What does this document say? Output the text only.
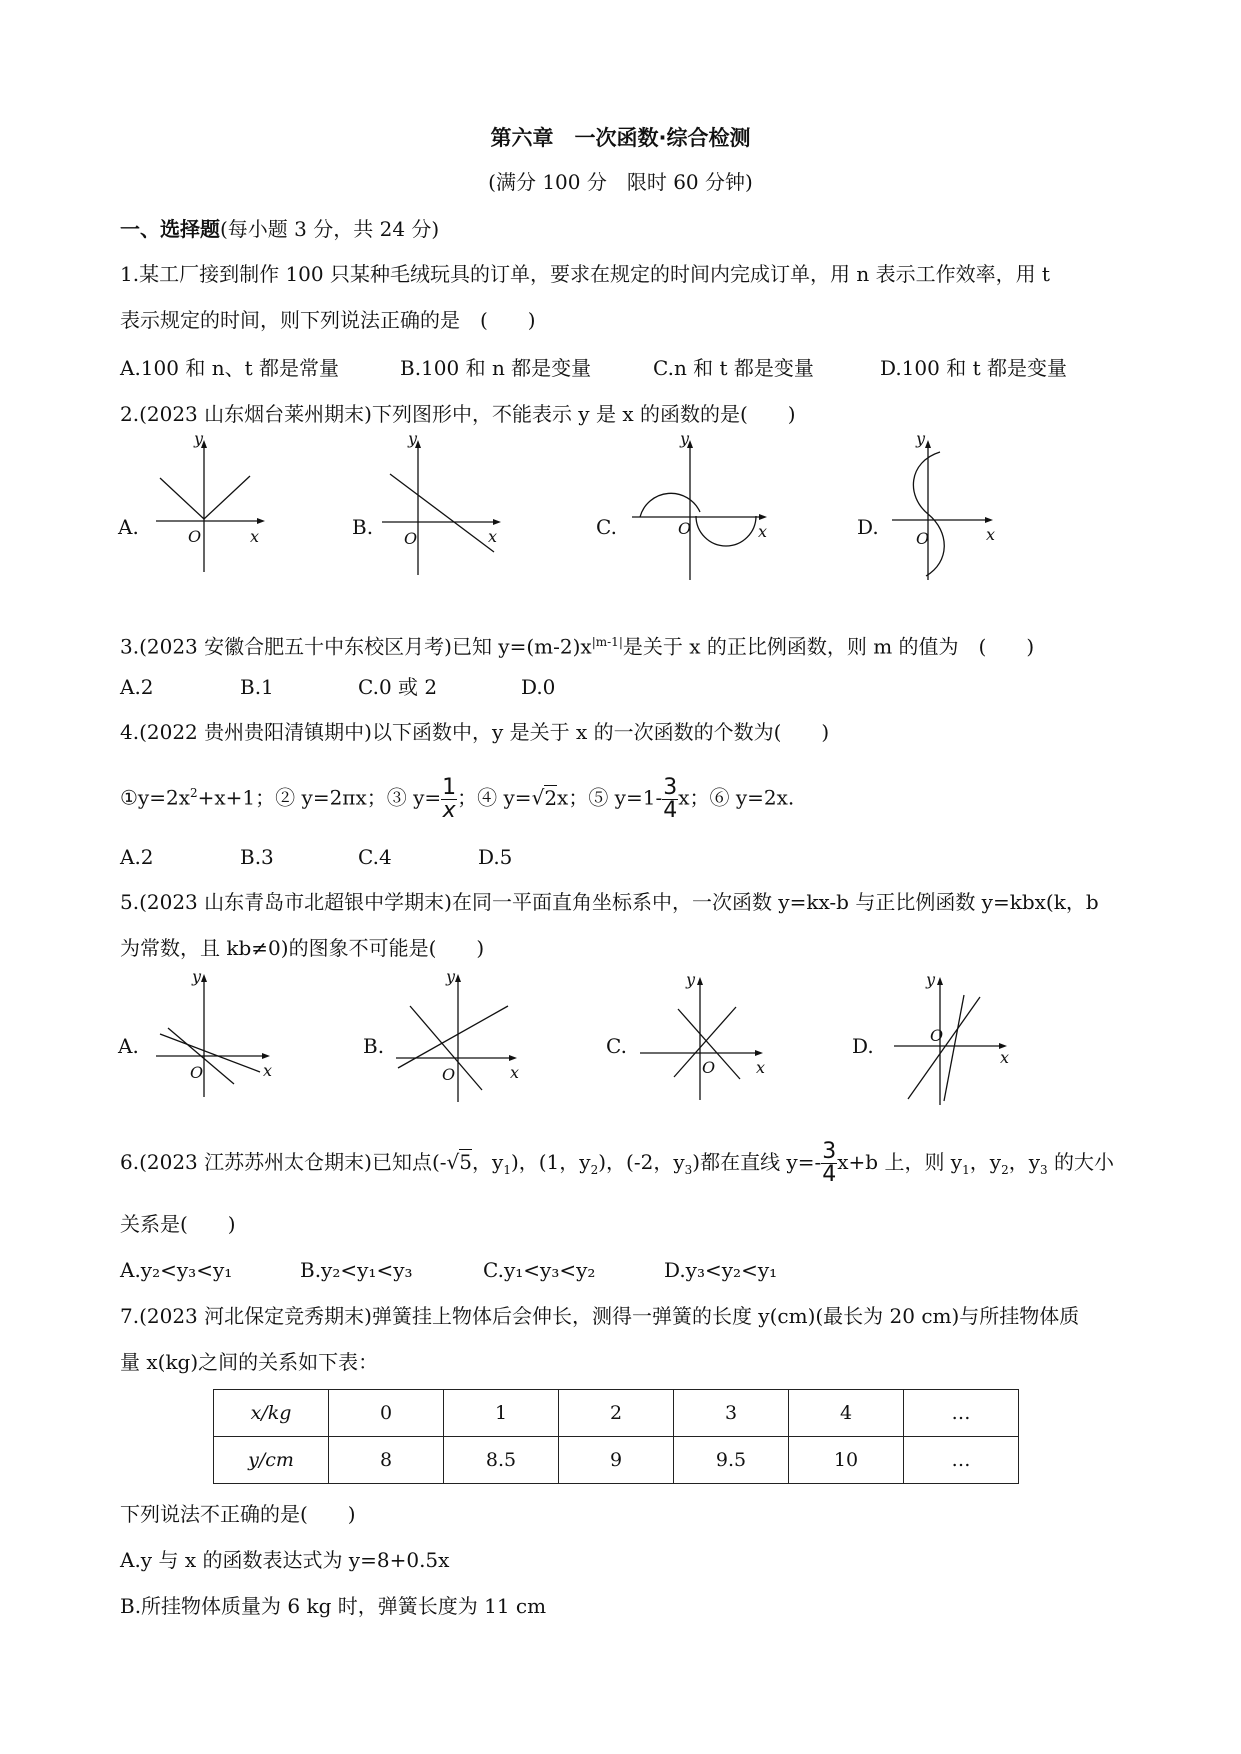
第六章　一次函数·综合检测
(满分 100 分　限时 60 分钟)
一、选择题(每小题 3 分，共 24 分)
1.某工厂接到制作 100 只某种毛绒玩具的订单，要求在规定的时间内完成订单，用 n 表示工作效率，用 t
表示规定的时间，则下列说法正确的是　(　　)
A.100 和 n、t 都是常量	B.100 和 n 都是变量	C.n 和 t 都是变量	D.100 和 t 都是变量
2.(2023 山东烟台莱州期末)下列图形中，不能表示 y 是 x 的函数的是(　　)
A.
y
x
O	B.
y
x
O	C.
y
x
O	D.
y
x
O
3.(2023 安徽合肥五十中东校区月考)已知 $y=(m-2)x^{|m-1|}$是关于 x 的正比例函数，则 m 的值为　(　　)
A.2	B.1	C.0 或 2	D.0
4.(2022 贵州贵阳清镇期中)以下函数中，y 是关于 x 的一次函数的个数为(　　)
$①y=2x^2+x+1$；② y=2πx；③ $y= \frac{1}{x}$ ；④ y=√2x；⑤ $y=1- \frac{3}{4}$ x；⑥ y=2x.
A.2	B.3	C.4	D.5
5.(2023 山东青岛市北超银中学期末)在同一平面直角坐标系中，一次函数 y=kx-b 与正比例函数 y=kbx(k，b
为常数，且 kb≠0)的图象不可能是(　　)
A.
y
x
O
B.
y
x
O
C.
y
x
O
D.
y
x
O
6.(2023 江苏苏州太仓期末)已知点(-√5，$y_1$)，(1，$y_2$)，(-2，$y_3$)都在直线 $y=- \frac{3}{4} x+b$ 上，则 $y_1$，$y_2$，$y_3$ 的大小
关系是(　　)
A.y₂<y₃<y₁	B.y₂<y₁<y₃	C.y₁<y₃<y₂	D.y₃<y₂<y₁
7.(2023 河北保定竞秀期末)弹簧挂上物体后会伸长，测得一弹簧的长度 y(cm)(最长为 20 cm)与所挂物体质
量 x(kg)之间的关系如下表：
x/kg	0	1	2	3	4	…
y/cm	8	8.5	9	9.5	10	…
下列说法不正确的是(　　)
A.y 与 x 的函数表达式为 y=8+0.5x
B.所挂物体质量为 6 kg 时，弹簧长度为 11 cm
